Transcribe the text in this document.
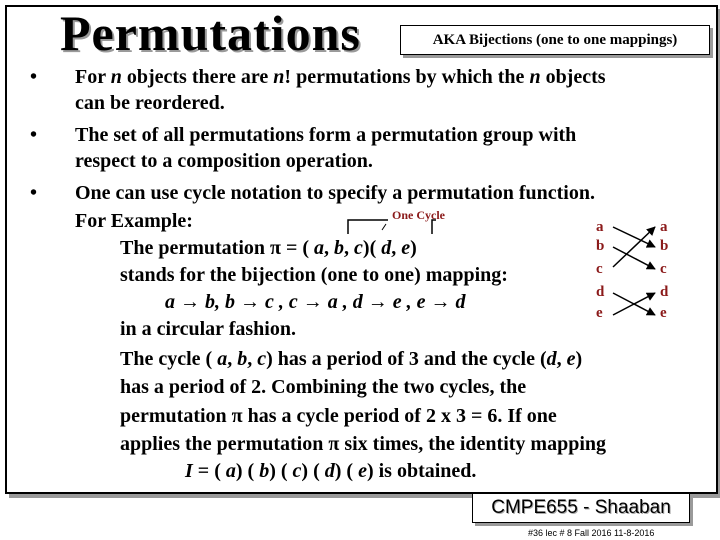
Permutations	AKA Bijections (one to one mappings)
• For n objects there are n! permutations by which the n objects
can be reordered.
• The set of all permutations form a permutation group with
respect to a composition operation.
• One can use cycle notation to specify a permutation function.
One Cycle
For Example:
The permutation π = ( a, b, c)( d, e)
stands for the bijection (one to one) mapping:
a → b, b → c , c → a , d → e , e → d
in a circular fashion.
The cycle ( a, b, c) has a period of 3 and the cycle (d, e)
has a period of 2. Combining the two cycles, the
permutation π has a cycle period of 2 x 3 = 6. If one
applies the permutation π six times, the identity mapping
I = ( a) ( b) ( c) ( d) ( e) is obtained.
a
b
c
d
e
a
b
c
d
e
CMPE655 - Shaaban
#36 lec # 8 Fall 2016 11-8-2016
